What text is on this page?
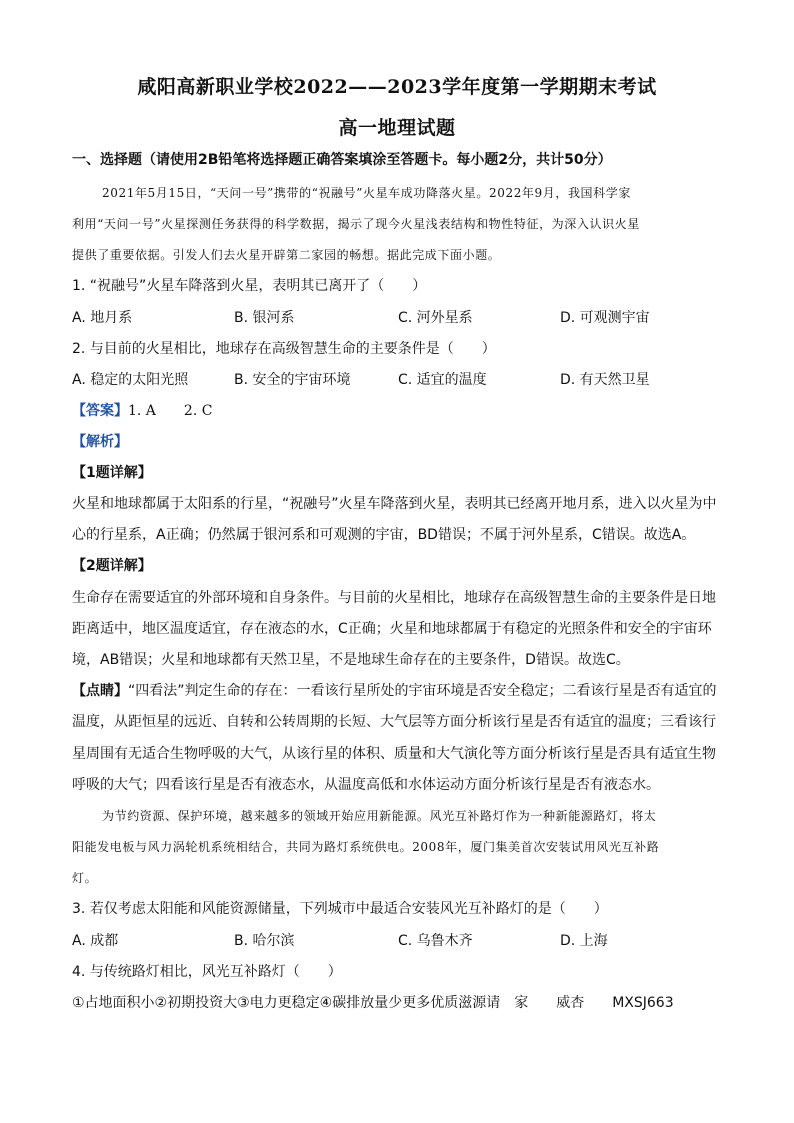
咸阳高新职业学校2022——2023学年度第一学期期末考试
高一地理试题
一、选择题（请使用2B铅笔将选择题正确答案填涂至答题卡。每小题2分，共计50分）
2021年5月15日，“天问一号”携带的“祝融号”火星车成功降落火星。2022年9月，我国科学家
利用“天问一号”火星探测任务获得的科学数据，揭示了现今火星浅表结构和物性特征，为深入认识火星
提供了重要依据。引发人们去火星开辟第二家园的畅想。据此完成下面小题。
1. “祝融号”火星车降落到火星，表明其已离开了（　　）
A. 地月系	B. 银河系	C. 河外星系	D. 可观测宇宙
2. 与目前的火星相比，地球存在高级智慧生命的主要条件是（　　）
A. 稳定的太阳光照	B. 安全的宇宙环境	C. 适宜的温度	D. 有天然卫星
【答案】1. A　　2. C
【解析】
【1题详解】
火星和地球都属于太阳系的行星，“祝融号”火星车降落到火星，表明其已经离开地月系，进入以火星为中
心的行星系，A正确；仍然属于银河系和可观测的宇宙，BD错误；不属于河外星系，C错误。故选A。
【2题详解】
生命存在需要适宜的外部环境和自身条件。与目前的火星相比，地球存在高级智慧生命的主要条件是日地
距离适中，地区温度适宜，存在液态的水，C正确；火星和地球都属于有稳定的光照条件和安全的宇宙环
境，AB错误；火星和地球都有天然卫星，不是地球生命存在的主要条件，D错误。故选C。
【点睛】“四看法”判定生命的存在：一看该行星所处的宇宙环境是否安全稳定；二看该行星是否有适宜的
温度，从距恒星的远近、自转和公转周期的长短、大气层等方面分析该行星是否有适宜的温度；三看该行
星周围有无适合生物呼吸的大气，从该行星的体积、质量和大气演化等方面分析该行星是否具有适宜生物
呼吸的大气；四看该行星是否有液态水，从温度高低和水体运动方面分析该行星是否有液态水。
为节约资源、保护环境，越来越多的领域开始应用新能源。风光互补路灯作为一种新能源路灯，将太
阳能发电板与风力涡轮机系统相结合，共同为路灯系统供电。2008年，厦门集美首次安装试用风光互补路
灯。
3. 若仅考虑太阳能和风能资源储量，下列城市中最适合安装风光互补路灯的是（　　）
A. 成都	B. 哈尔滨	C. 乌鲁木齐	D. 上海
4. 与传统路灯相比，风光互补路灯（　　）
①占地面积小②初期投资大③电力更稳定④碳排放量少更多优质滋源请　家　　威杏　　MXSJ663
